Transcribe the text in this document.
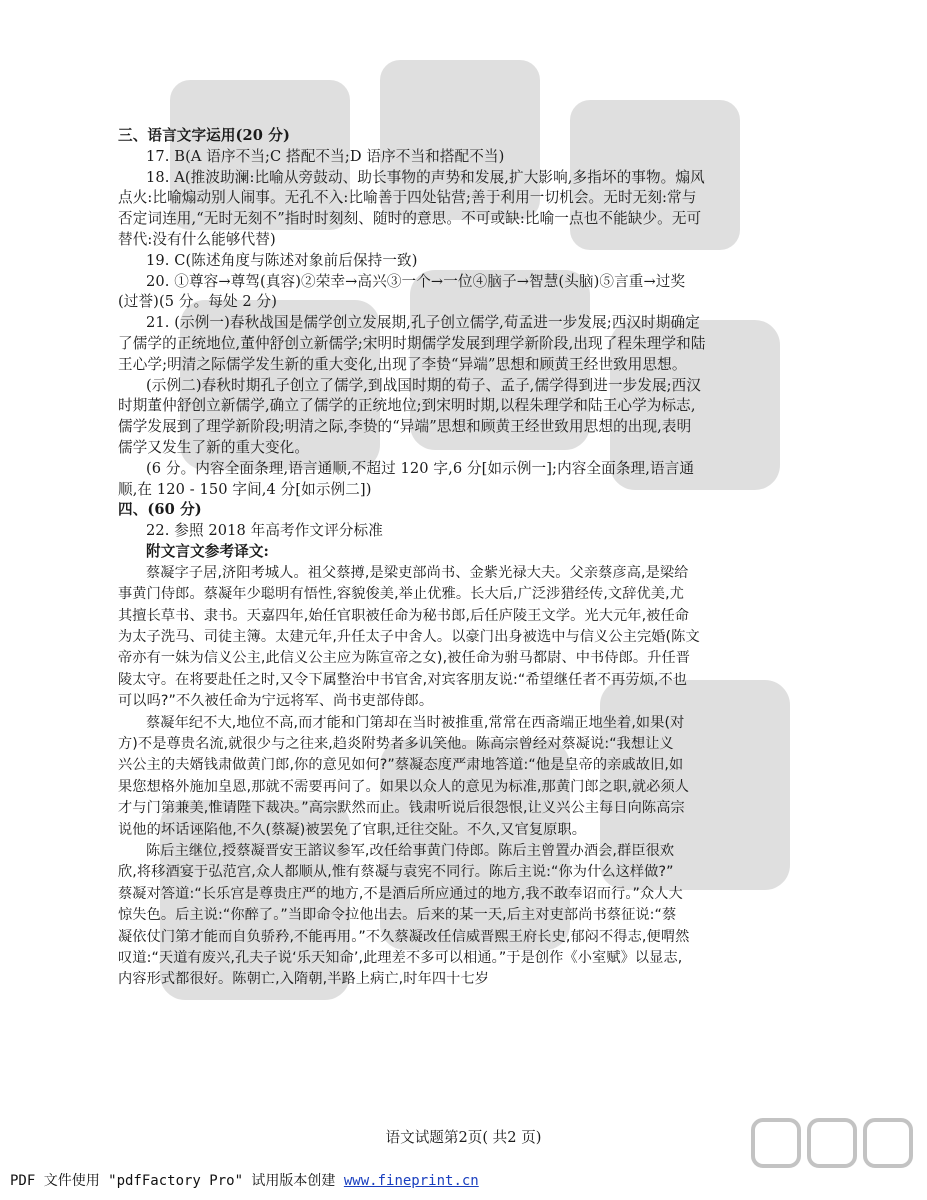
三、语言文字运用(20 分)
17. B(A 语序不当;C 搭配不当;D 语序不当和搭配不当)
18. A(推波助澜:比喻从旁鼓动、助长事物的声势和发展,扩大影响,多指坏的事物。煽风
点火:比喻煽动别人闹事。无孔不入:比喻善于四处钻营;善于利用一切机会。无时无刻:常与
否定词连用,“无时无刻不”指时时刻刻、随时的意思。不可或缺:比喻一点也不能缺少。无可
替代:没有什么能够代替)
19. C(陈述角度与陈述对象前后保持一致)
20. ①尊容→尊驾(真容)②荣幸→高兴③一个→一位④脑子→智慧(头脑)⑤言重→过奖
(过誉)(5 分。每处 2 分)
21. (示例一)春秋战国是儒学创立发展期,孔子创立儒学,荀孟进一步发展;西汉时期确定
了儒学的正统地位,董仲舒创立新儒学;宋明时期儒学发展到理学新阶段,出现了程朱理学和陆
王心学;明清之际儒学发生新的重大变化,出现了李贽“异端”思想和顾黄王经世致用思想。
(示例二)春秋时期孔子创立了儒学,到战国时期的荀子、孟子,儒学得到进一步发展;西汉
时期董仲舒创立新儒学,确立了儒学的正统地位;到宋明时期,以程朱理学和陆王心学为标志,
儒学发展到了理学新阶段;明清之际,李贽的“异端”思想和顾黄王经世致用思想的出现,表明
儒学又发生了新的重大变化。
(6 分。内容全面条理,语言通顺,不超过 120 字,6 分[如示例一];内容全面条理,语言通
顺,在 120 - 150 字间,4 分[如示例二])
四、(60 分)
22. 参照 2018 年高考作文评分标准
附文言文参考译文:
蔡凝字子居,济阳考城人。祖父蔡撙,是梁吏部尚书、金紫光禄大夫。父亲蔡彦高,是梁给
事黄门侍郎。蔡凝年少聪明有悟性,容貌俊美,举止优雅。长大后,广泛涉猎经传,文辞优美,尤
其擅长草书、隶书。天嘉四年,始任官职被任命为秘书郎,后任庐陵王文学。光大元年,被任命
为太子洗马、司徒主簿。太建元年,升任太子中舍人。以豪门出身被选中与信义公主完婚(陈文
帝亦有一妹为信义公主,此信义公主应为陈宣帝之女),被任命为驸马都尉、中书侍郎。升任晋
陵太守。在将要赴任之时,又令下属整治中书官舍,对宾客朋友说:“希望继任者不再劳烦,不也
可以吗?”不久被任命为宁远将军、尚书吏部侍郎。
蔡凝年纪不大,地位不高,而才能和门第却在当时被推重,常常在西斋端正地坐着,如果(对
方)不是尊贵名流,就很少与之往来,趋炎附势者多讥笑他。陈高宗曾经对蔡凝说:“我想让义
兴公主的夫婿钱肃做黄门郎,你的意见如何?”蔡凝态度严肃地答道:“他是皇帝的亲戚故旧,如
果您想格外施加皇恩,那就不需要再问了。如果以众人的意见为标准,那黄门郎之职,就必须人
才与门第兼美,惟请陛下裁决。”高宗默然而止。钱肃听说后很怨恨,让义兴公主每日向陈高宗
说他的坏话诬陷他,不久(蔡凝)被罢免了官职,迁往交阯。不久,又官复原职。
陈后主继位,授蔡凝晋安王諮议参军,改任给事黄门侍郎。陈后主曾置办酒会,群臣很欢
欣,将移酒宴于弘范宫,众人都顺从,惟有蔡凝与袁宪不同行。陈后主说:“你为什么这样做?”
蔡凝对答道:“长乐宫是尊贵庄严的地方,不是酒后所应通过的地方,我不敢奉诏而行。”众人大
惊失色。后主说:“你醉了。”当即命令拉他出去。后来的某一天,后主对吏部尚书蔡征说:“蔡
凝依仗门第才能而自负骄矜,不能再用。”不久蔡凝改任信威晋熙王府长史,郁闷不得志,便喟然
叹道:“天道有废兴,孔夫子说‘乐天知命’,此理差不多可以相通。”于是创作《小室赋》以显志,
内容形式都很好。陈朝亡,入隋朝,半路上病亡,时年四十七岁
语文试题第2页( 共2 页)
PDF 文件使用 "pdfFactory Pro" 试用版本创建 www.fineprint.cn
